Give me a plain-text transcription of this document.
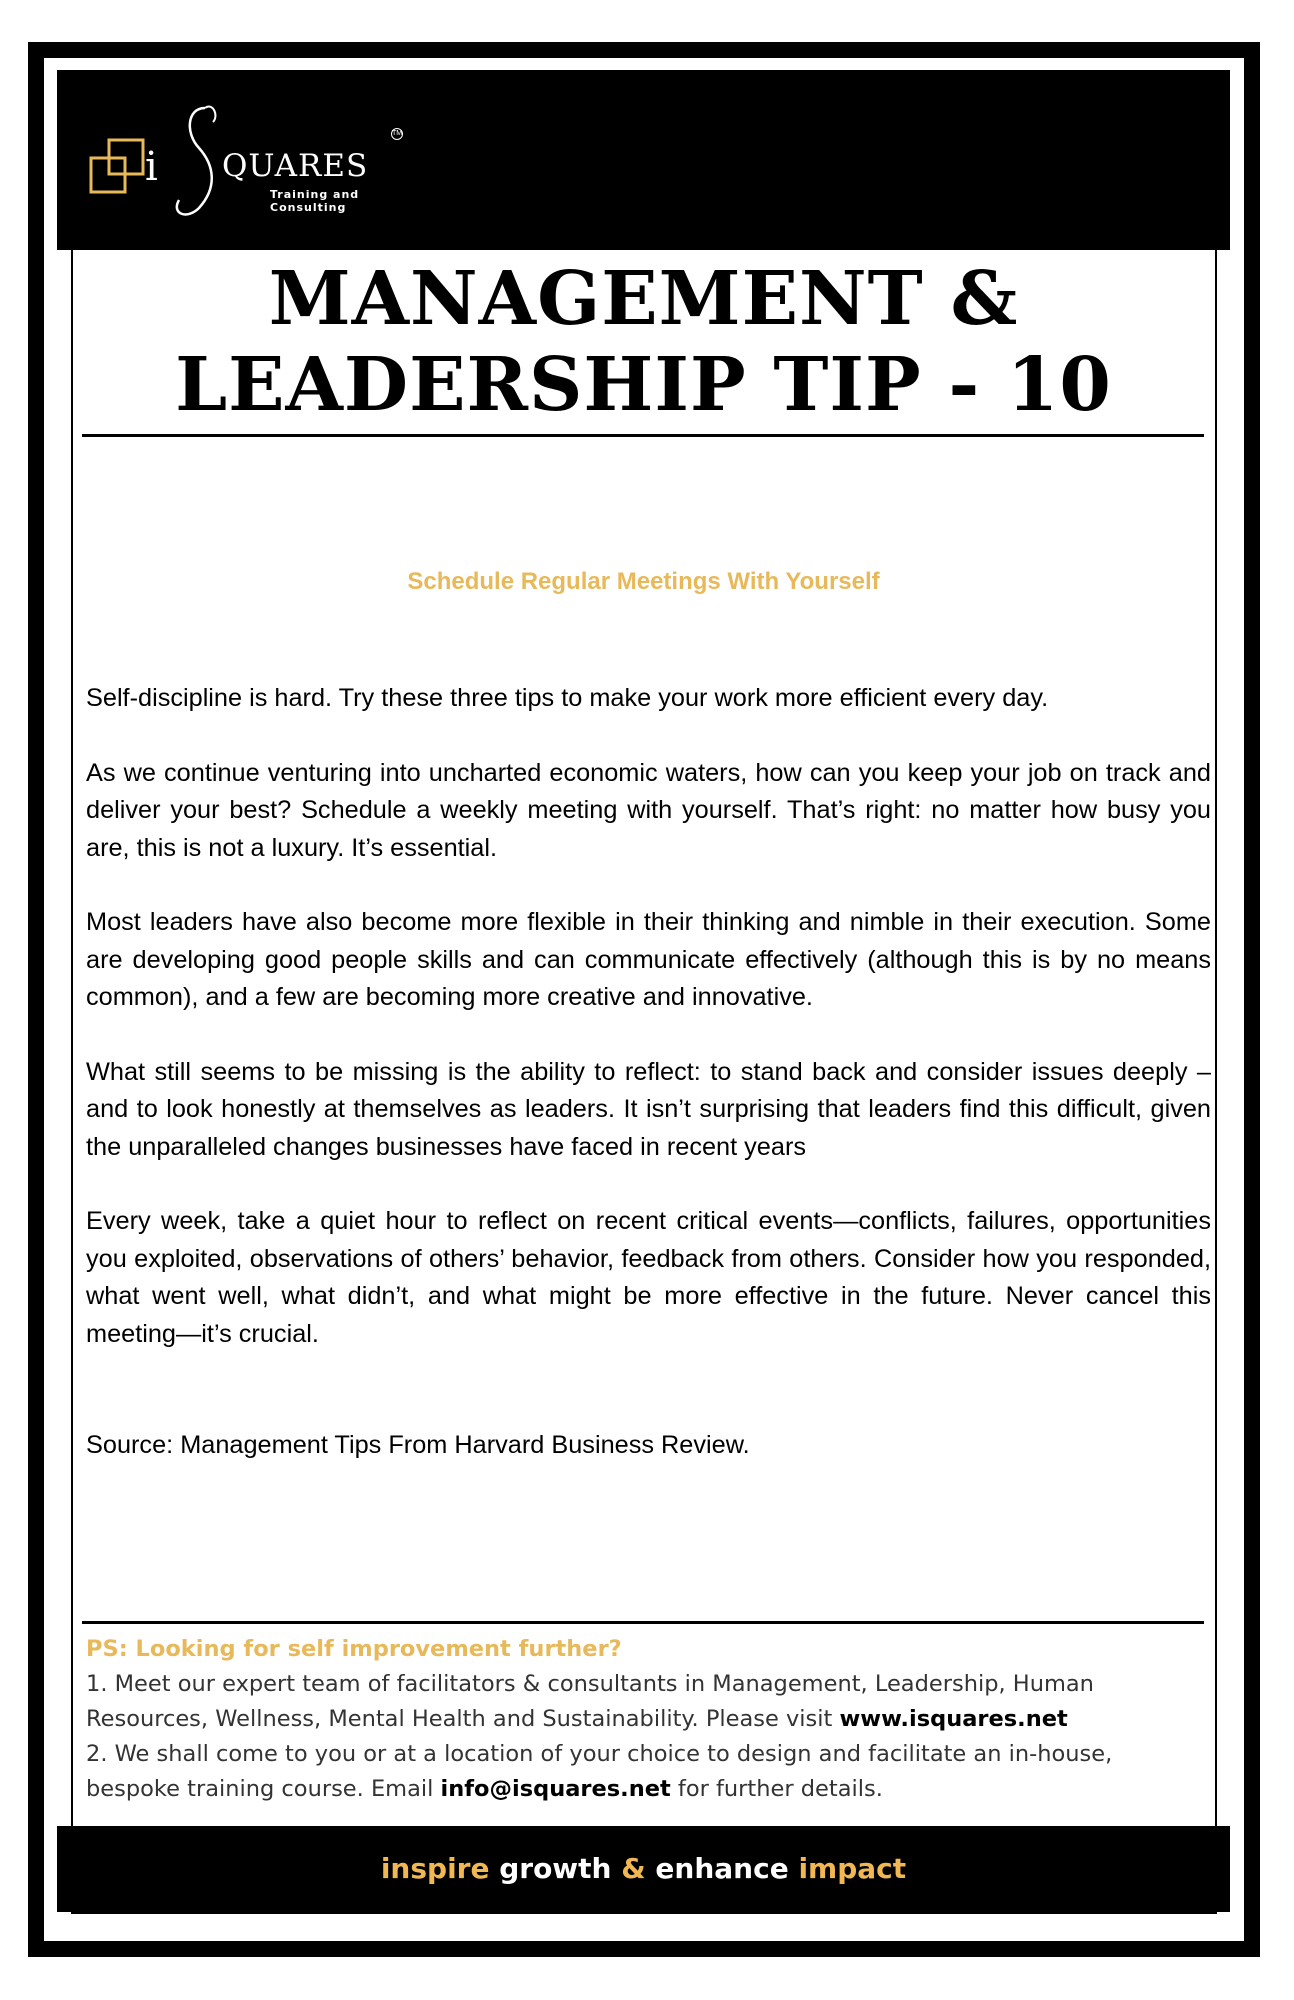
i QUARES
TM
Training and Consulting
MANAGEMENT &
LEADERSHIP TIP - 10
Schedule Regular Meetings With Yourself

Self-discipline is hard. Try these three tips to make your work more efficient every day.

As we continue venturing into uncharted economic waters, how can you keep your job on track and deliver your best? Schedule a weekly meeting with yourself. That’s right: no matter how busy you are, this is not a luxury. It’s essential.

Most leaders have also become more flexible in their thinking and nimble in their execution. Some are developing good people skills and can communicate effectively (although this is by no means common), and a few are becoming more creative and innovative.

What still seems to be missing is the ability to reflect: to stand back and consider issues deeply – and to look honestly at themselves as leaders. It isn’t surprising that leaders find this difficult, given the unparalleled changes businesses have faced in recent years

Every week, take a quiet hour to reflect on recent critical events—conflicts, failures, opportunities you exploited, observations of others’ behavior, feedback from others. Consider how you responded, what went well, what didn’t, and what might be more effective in the future. Never cancel this meeting—it’s crucial.

Source: Management Tips From Harvard Business Review.

PS: Looking for self improvement further?
1. Meet our expert team of facilitators & consultants in Management, Leadership, Human Resources, Wellness, Mental Health and Sustainability. Please visit www.isquares.net
2. We shall come to you or at a location of your choice to design and facilitate an in-house, bespoke training course. Email info@isquares.net for further details.
inspire growth & enhance impact
